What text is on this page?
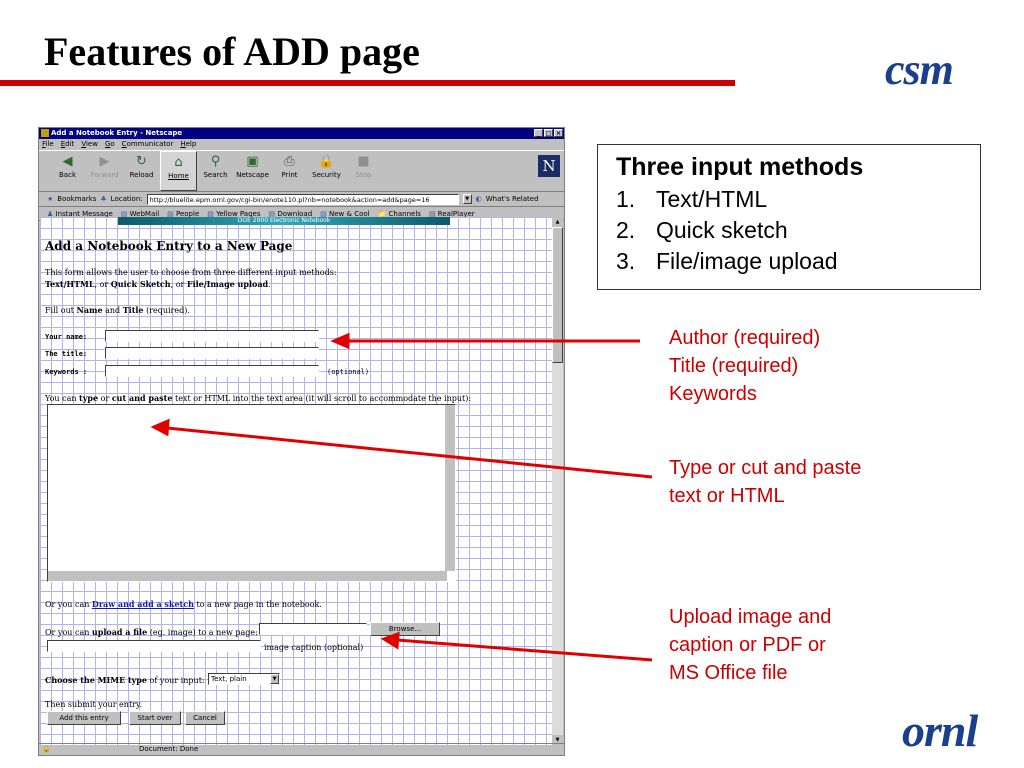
Features of ADD page	csm
ornl
Three input methods
1. Text/HTML
2. Quick sketch
3. File/image upload
Author (required)
Title (required)
Keywords
Type or cut and paste
text or HTML
Upload image and
caption or PDF or
MS Office file
Add a Notebook Entry - Netscape	_ □ ×
File Edit View Go Communicator Help
◀
Back
▶
Forward
↻
Reload
⌂
Home
⚲
Search
▣
Netscape
⎙
Print
🔒
Security
■
Stop	N
★ Bookmarks ♣ Location:	http://bluelite.epm.ornl.gov/cgi-bin/enote110.pl?nb=notebook&action=add&page=16	▼ ◐ What's Related
♟ Instant Message ▤ WebMail ▤ People ▤ Yellow Pages ▤ Download ▤ New & Cool 📁 Channels ▤ RealPlayer
DOE 2000 Electronic Notebook
Add a Notebook Entry to a New Page
This form allows the user to choose from three different input methods:
Text/HTML, or Quick Sketch, or File/Image upload.
Fill out Name and Title (required).
Your name:
The title:
Keywords :	(optional)
You can type or cut and paste text or HTML into the text area (it will scroll to accommodate the input):
Or you can Draw and add a sketch to a new page in the notebook.
Or you can upload a file (eg. image) to a new page:	Browse...
image caption (optional)
Choose the MIME type of your input: Text, plain	▼
Then submit your entry.
Add this entry	Start over	Cancel
▲
▼
🔒	Document: Done
